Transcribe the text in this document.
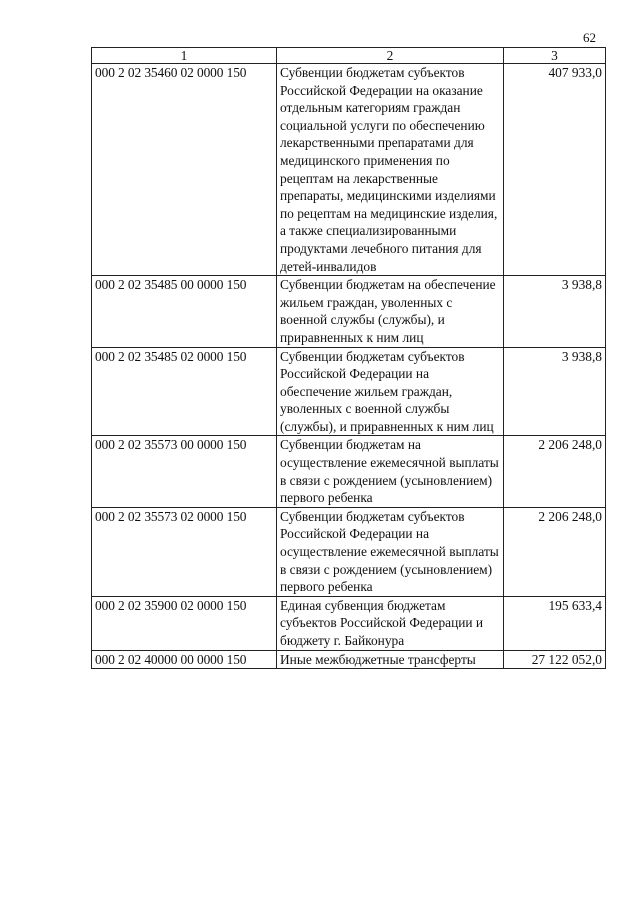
62
1	2	3
000 2 02 35460 02 0000 150	Субвенции бюджетам субъектов Российской Федерации на оказание отдельным категориям граждан социальной услуги по обеспечению лекарственными препаратами для медицинского применения по рецептам на лекарственные препараты, медицинскими изделиями по рецептам на медицинские изделия, а также специализированными продуктами лечебного питания для детей-инвалидов	407 933,0
000 2 02 35485 00 0000 150	Субвенции бюджетам на обеспечение жильем граждан, уволенных с военной службы (службы), и приравненных к ним лиц	3 938,8
000 2 02 35485 02 0000 150	Субвенции бюджетам субъектов Российской Федерации на обеспечение жильем граждан, уволенных с военной службы (службы), и приравненных к ним лиц	3 938,8
000 2 02 35573 00 0000 150	Субвенции бюджетам на осуществление ежемесячной выплаты в связи с рождением (усыновлением) первого ребенка	2 206 248,0
000 2 02 35573 02 0000 150	Субвенции бюджетам субъектов Российской Федерации на осуществление ежемесячной выплаты в связи с рождением (усыновлением) первого ребенка	2 206 248,0
000 2 02 35900 02 0000 150	Единая субвенция бюджетам субъектов Российской Федерации и бюджету г. Байконура	195 633,4
000 2 02 40000 00 0000 150	Иные межбюджетные трансферты	27 122 052,0
